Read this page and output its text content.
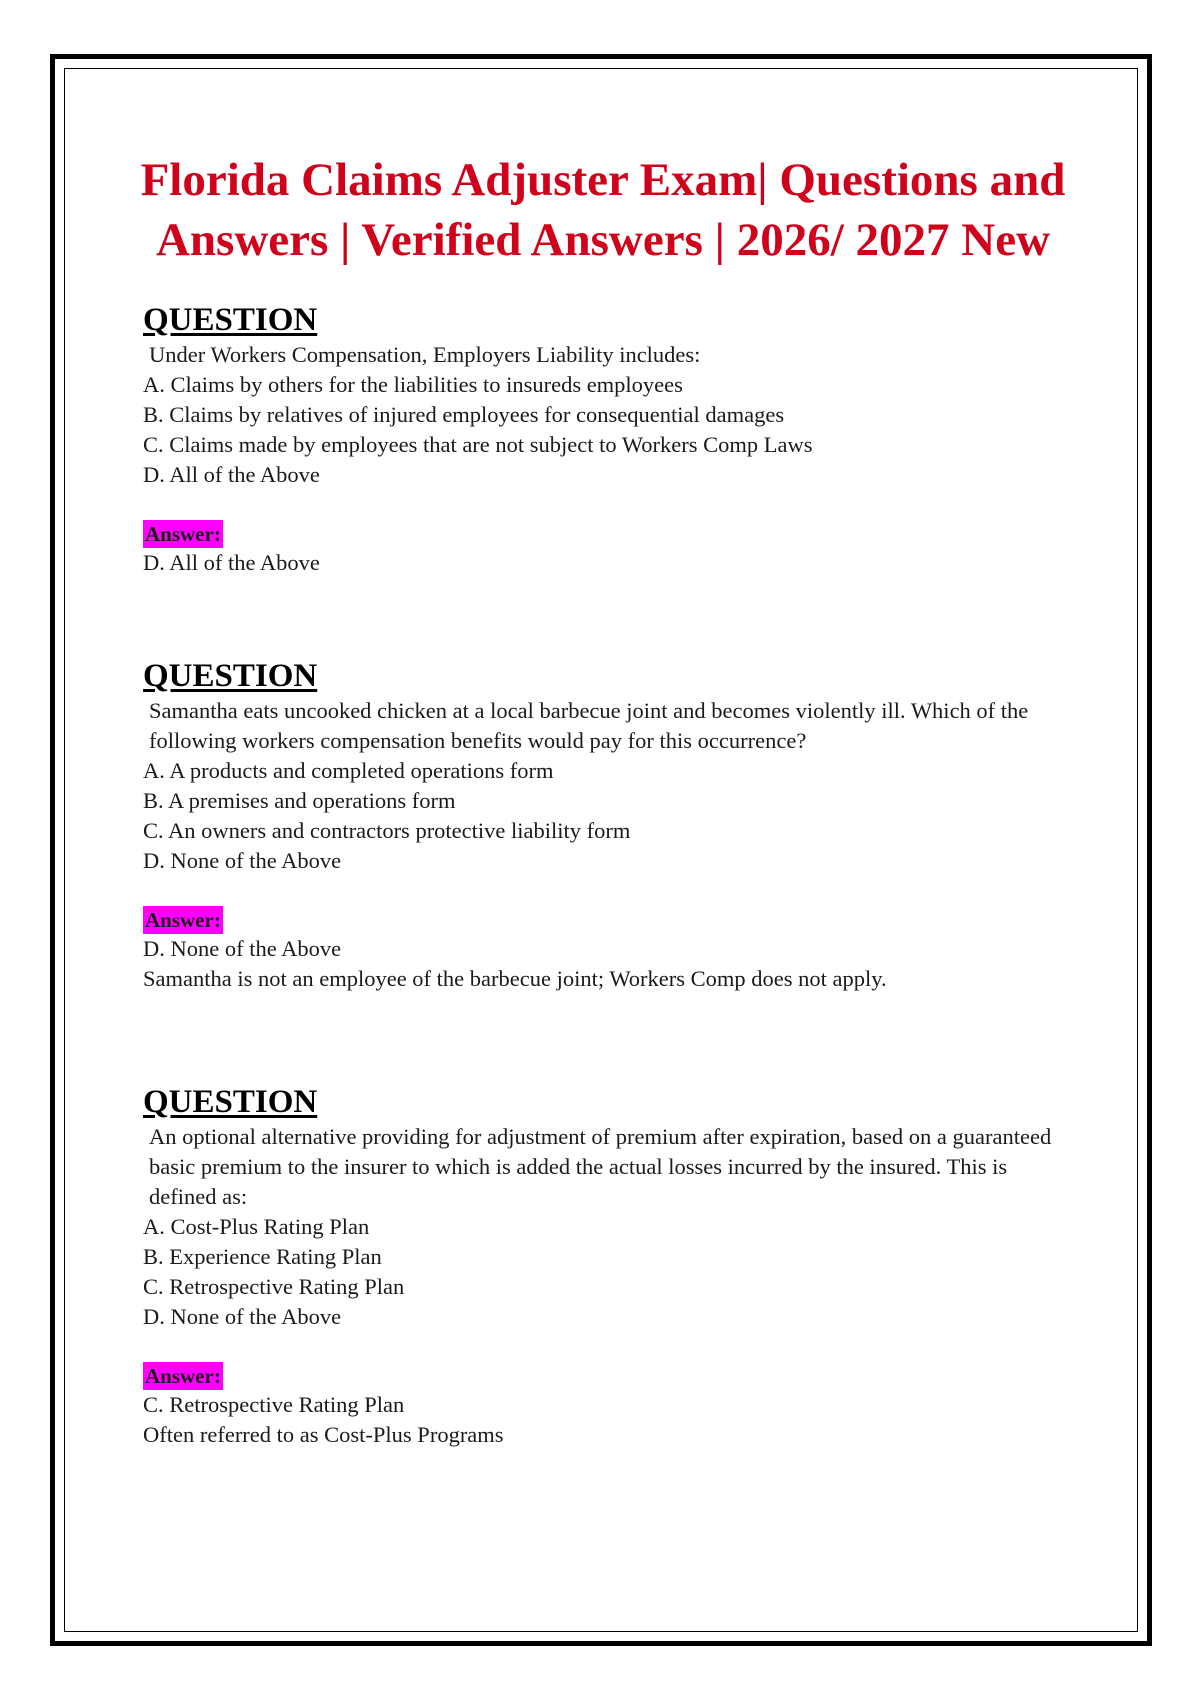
Florida Claims Adjuster Exam| Questions and Answers | Verified Answers | 2026/ 2027 New
QUESTION
Under Workers Compensation, Employers Liability includes:
A. Claims by others for the liabilities to insureds employees
B. Claims by relatives of injured employees for consequential damages
C. Claims made by employees that are not subject to Workers Comp Laws
D. All of the Above
Answer:
D. All of the Above
QUESTION
Samantha eats uncooked chicken at a local barbecue joint and becomes violently ill. Which of the following workers compensation benefits would pay for this occurrence?
A. A products and completed operations form
B. A premises and operations form
C. An owners and contractors protective liability form
D. None of the Above
Answer:
D. None of the Above
Samantha is not an employee of the barbecue joint; Workers Comp does not apply.
QUESTION
An optional alternative providing for adjustment of premium after expiration, based on a guaranteed basic premium to the insurer to which is added the actual losses incurred by the insured. This is defined as:
A. Cost-Plus Rating Plan
B. Experience Rating Plan
C. Retrospective Rating Plan
D. None of the Above
Answer:
C. Retrospective Rating Plan
Often referred to as Cost-Plus Programs
